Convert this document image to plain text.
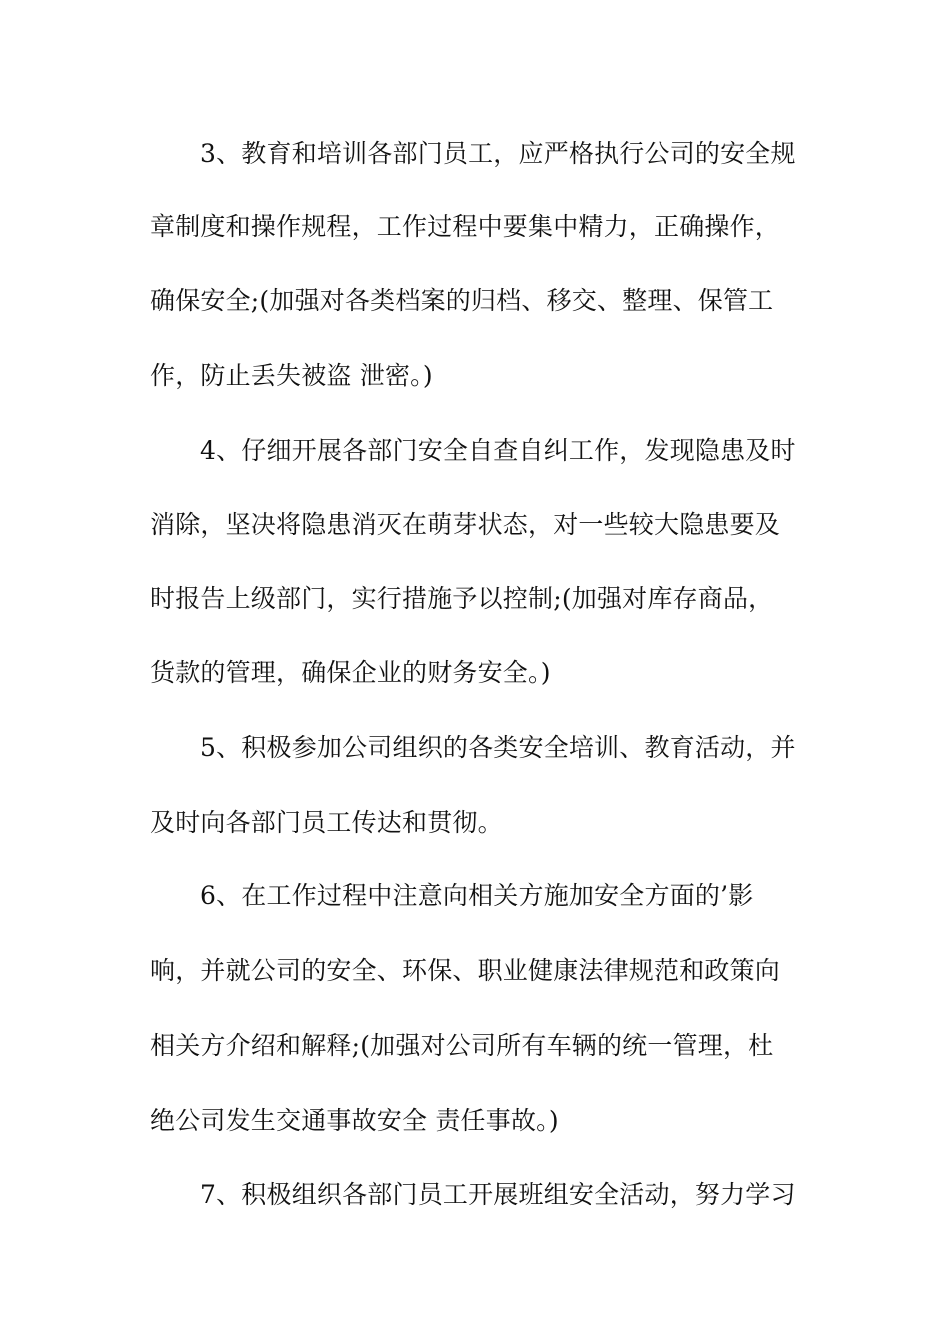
3、教育和培训各部门员工，应严格执行公司的安全规
章制度和操作规程，工作过程中要集中精力，正确操作，
确保安全;(加强对各类档案的归档、移交、整理、保管工
作，防止丢失被盗 泄密。)
4、仔细开展各部门安全自查自纠工作，发现隐患及时
消除，坚决将隐患消灭在萌芽状态，对一些较大隐患要及
时报告上级部门，实行措施予以控制;(加强对库存商品，
货款的管理，确保企业的财务安全。)
5、积极参加公司组织的各类安全培训、教育活动，并
及时向各部门员工传达和贯彻。
6、在工作过程中注意向相关方施加安全方面的’影
响，并就公司的安全、环保、职业健康法律规范和政策向
相关方介绍和解释;(加强对公司所有车辆的统一管理，杜
绝公司发生交通事故安全 责任事故。)
7、积极组织各部门员工开展班组安全活动，努力学习
